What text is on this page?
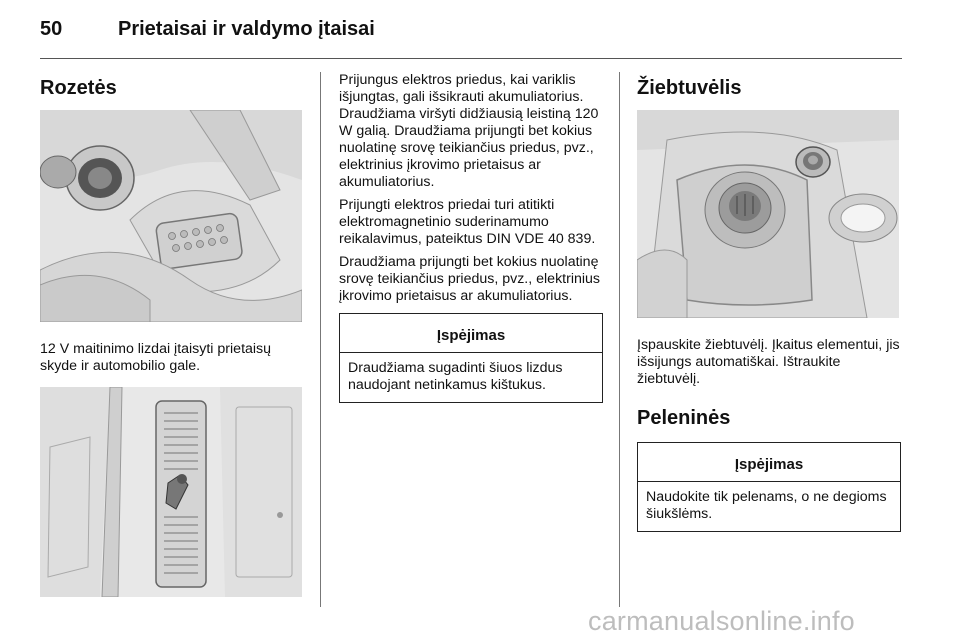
50	Prietaisai ir valdymo įtaisai
Rozetės

12 V maitinimo lizdai įtaisyti prietaisų skyde ir automobilio gale.

Prijungus elektros priedus, kai variklis išjungtas, gali išsikrauti akumuliatorius. Draudžiama viršyti didžiausią leistiną 120 W galią. Draudžiama prijungti bet kokius nuolatinę srovę teikiančius priedus, pvz., elektrinius įkrovimo prietaisus ar akumuliatorius.

Prijungti elektros priedai turi atitikti elektromagnetinio suderinamumo reikalavimus, pateiktus DIN VDE 40 839.

Draudžiama prijungti bet kokius nuolatinę srovę teikiančius priedus, pvz., elektrinius įkrovimo prietaisus ar akumuliatorius.

Įspėjimas
Draudžiama sugadinti šiuos lizdus naudojant netinkamus kištukus.
Žiebtuvėlis

Įspauskite žiebtuvėlį. Įkaitus elementui, jis išsijungs automatiškai. Ištraukite žiebtuvėlį.

Peleninės
Įspėjimas
Naudokite tik pelenams, o ne degioms šiukšlėms.
carmanualsonline.info
